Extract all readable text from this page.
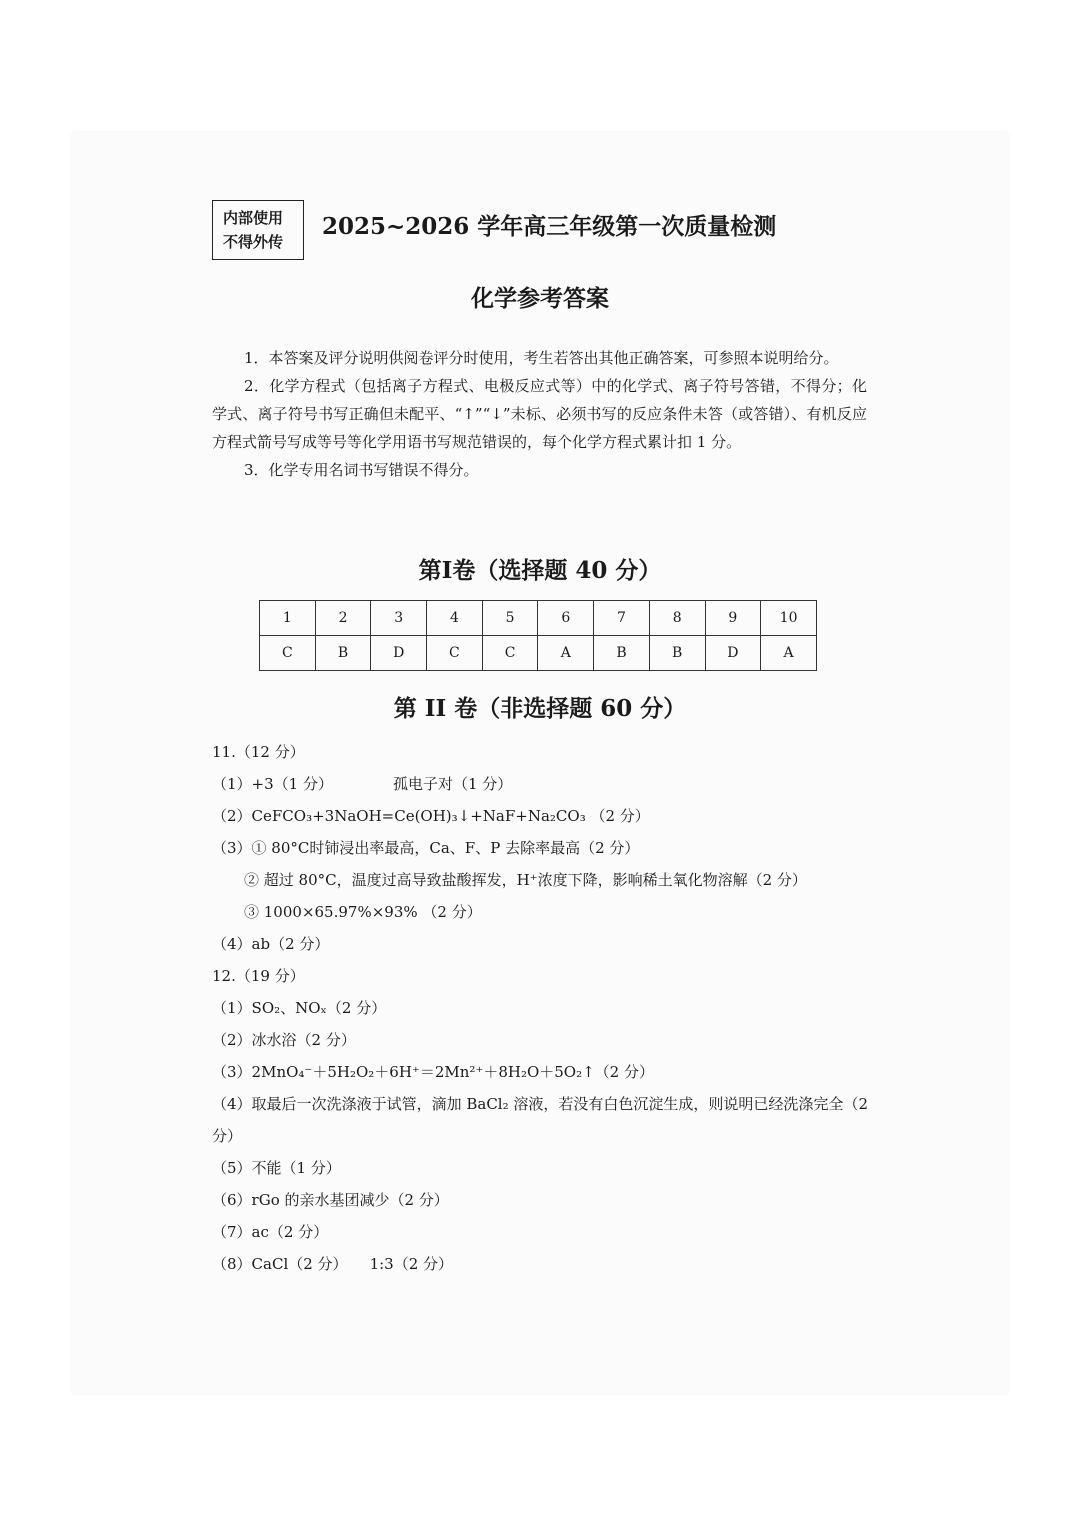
内部使用
不得外传
2025~2026 学年高三年级第一次质量检测
化学参考答案

1．本答案及评分说明供阅卷评分时使用，考生若答出其他正确答案，可参照本说明给分。

2．化学方程式（包括离子方程式、电极反应式等）中的化学式、离子符号答错，不得分；化学式、离子符号书写正确但未配平、“↑”“↓”未标、必须书写的反应条件未答（或答错）、有机反应方程式箭号写成等号等化学用语书写规范错误的，每个化学方程式累计扣 1 分。

3．化学专用名词书写错误不得分。

第I卷（选择题 40 分）
1	2	3	4	5	6	7	8	9	10
C	B	D	C	C	A	B	B	D	A
第 II 卷（非选择题 60 分）
11.（12 分）
（1）+3（1 分）	孤电子对（1 分）
（2）CeFCO₃+3NaOH=Ce(OH)₃↓+NaF+Na₂CO₃ （2 分）
（3）① 80°C时铈浸出率最高，Ca、F、P 去除率最高（2 分）
② 超过 80°C，温度过高导致盐酸挥发，H⁺浓度下降，影响稀土氧化物溶解（2 分）
③ 1000×65.97%×93% （2 分）
（4）ab（2 分）
12.（19 分）
（1）SO₂、NOₓ（2 分）
（2）冰水浴（2 分）
（3）2MnO₄⁻＋5H₂O₂＋6H⁺＝2Mn²⁺＋8H₂O＋5O₂↑（2 分）
（4）取最后一次洗涤液于试管，滴加 BaCl₂ 溶液，若没有白色沉淀生成，则说明已经洗涤完全（2 分）
（5）不能（1 分）
（6）rGo 的亲水基团减少（2 分）
（7）ac（2 分）
（8）CaCl（2 分） 1:3（2 分）
